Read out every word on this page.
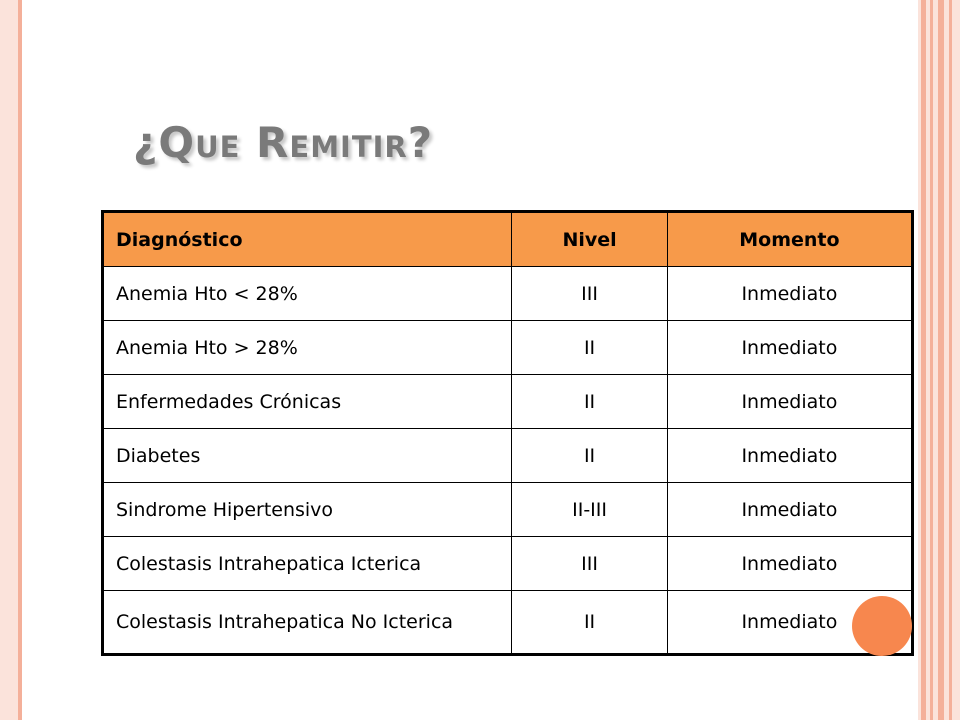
¿Que Remitir?
Diagnóstico	Nivel	Momento
Anemia Hto < 28%	III	Inmediato
Anemia Hto > 28%	II	Inmediato
Enfermedades Crónicas	II	Inmediato
Diabetes	II	Inmediato
Sindrome Hipertensivo	II-III	Inmediato
Colestasis Intrahepatica Icterica	III	Inmediato
Colestasis Intrahepatica No Icterica	II	Inmediato
